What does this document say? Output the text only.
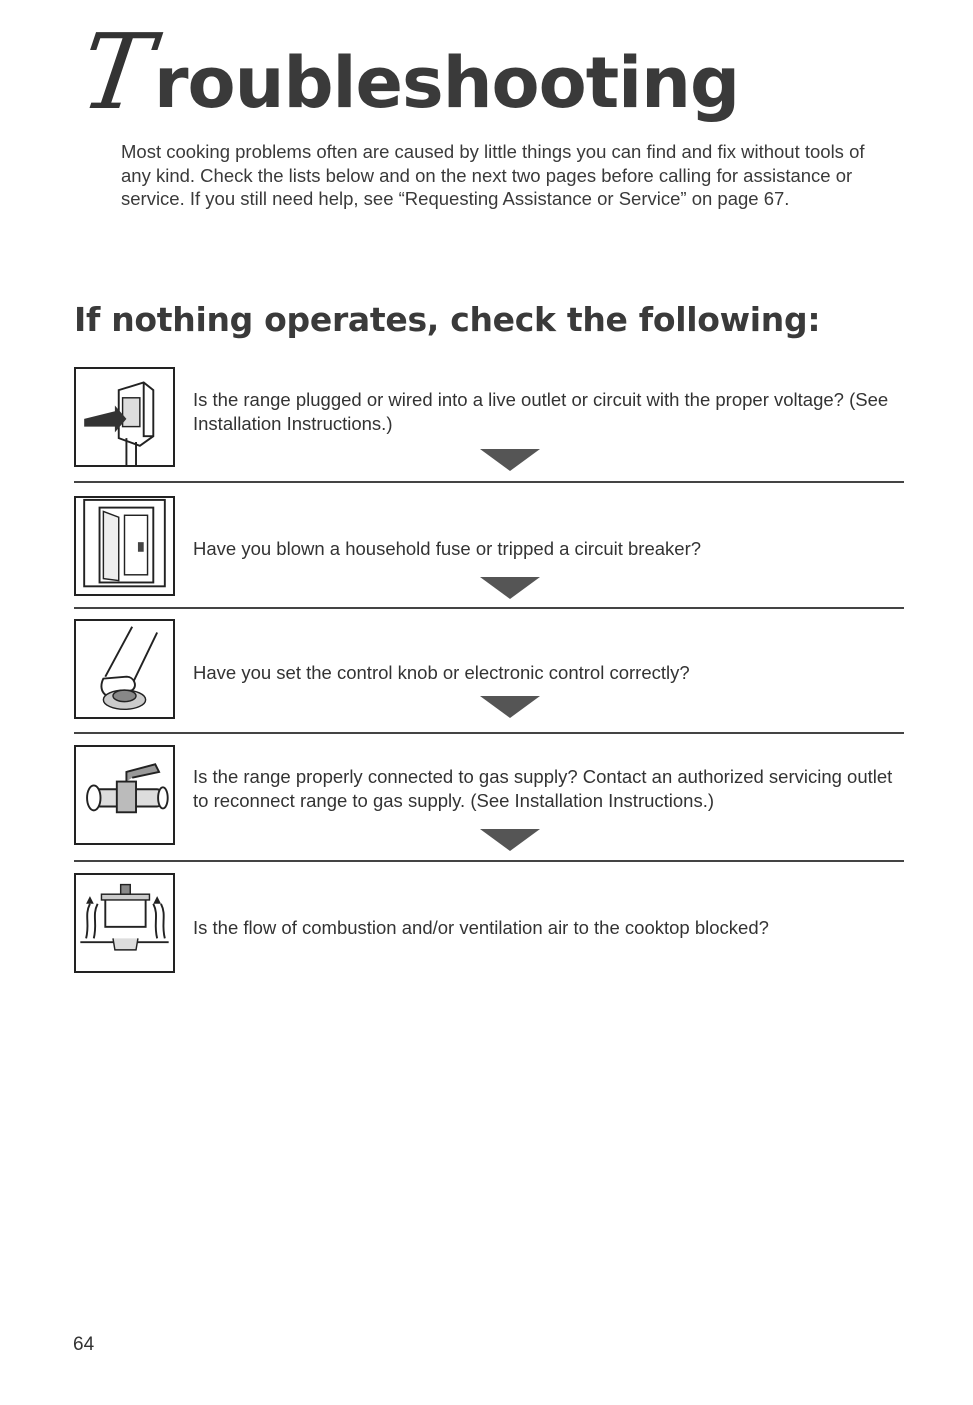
T
roubleshooting

Most cooking problems often are caused by little things you can find and fix without tools of any kind. Check the lists below and on the next two pages before calling for assistance or service. If you still need help, see “Requesting Assistance or Service” on page 67.

If nothing operates, check the following:

Is the range plugged or wired into a live outlet or circuit with the proper voltage? (See Installation Instructions.)

Have you blown a household fuse or tripped a circuit breaker?

Have you set the control knob or electronic control correctly?

Is the range properly connected to gas supply? Contact an authorized servicing outlet to reconnect range to gas supply. (See Installation Instructions.)

Is the flow of combustion and/or ventilation air to the cooktop blocked?

64
